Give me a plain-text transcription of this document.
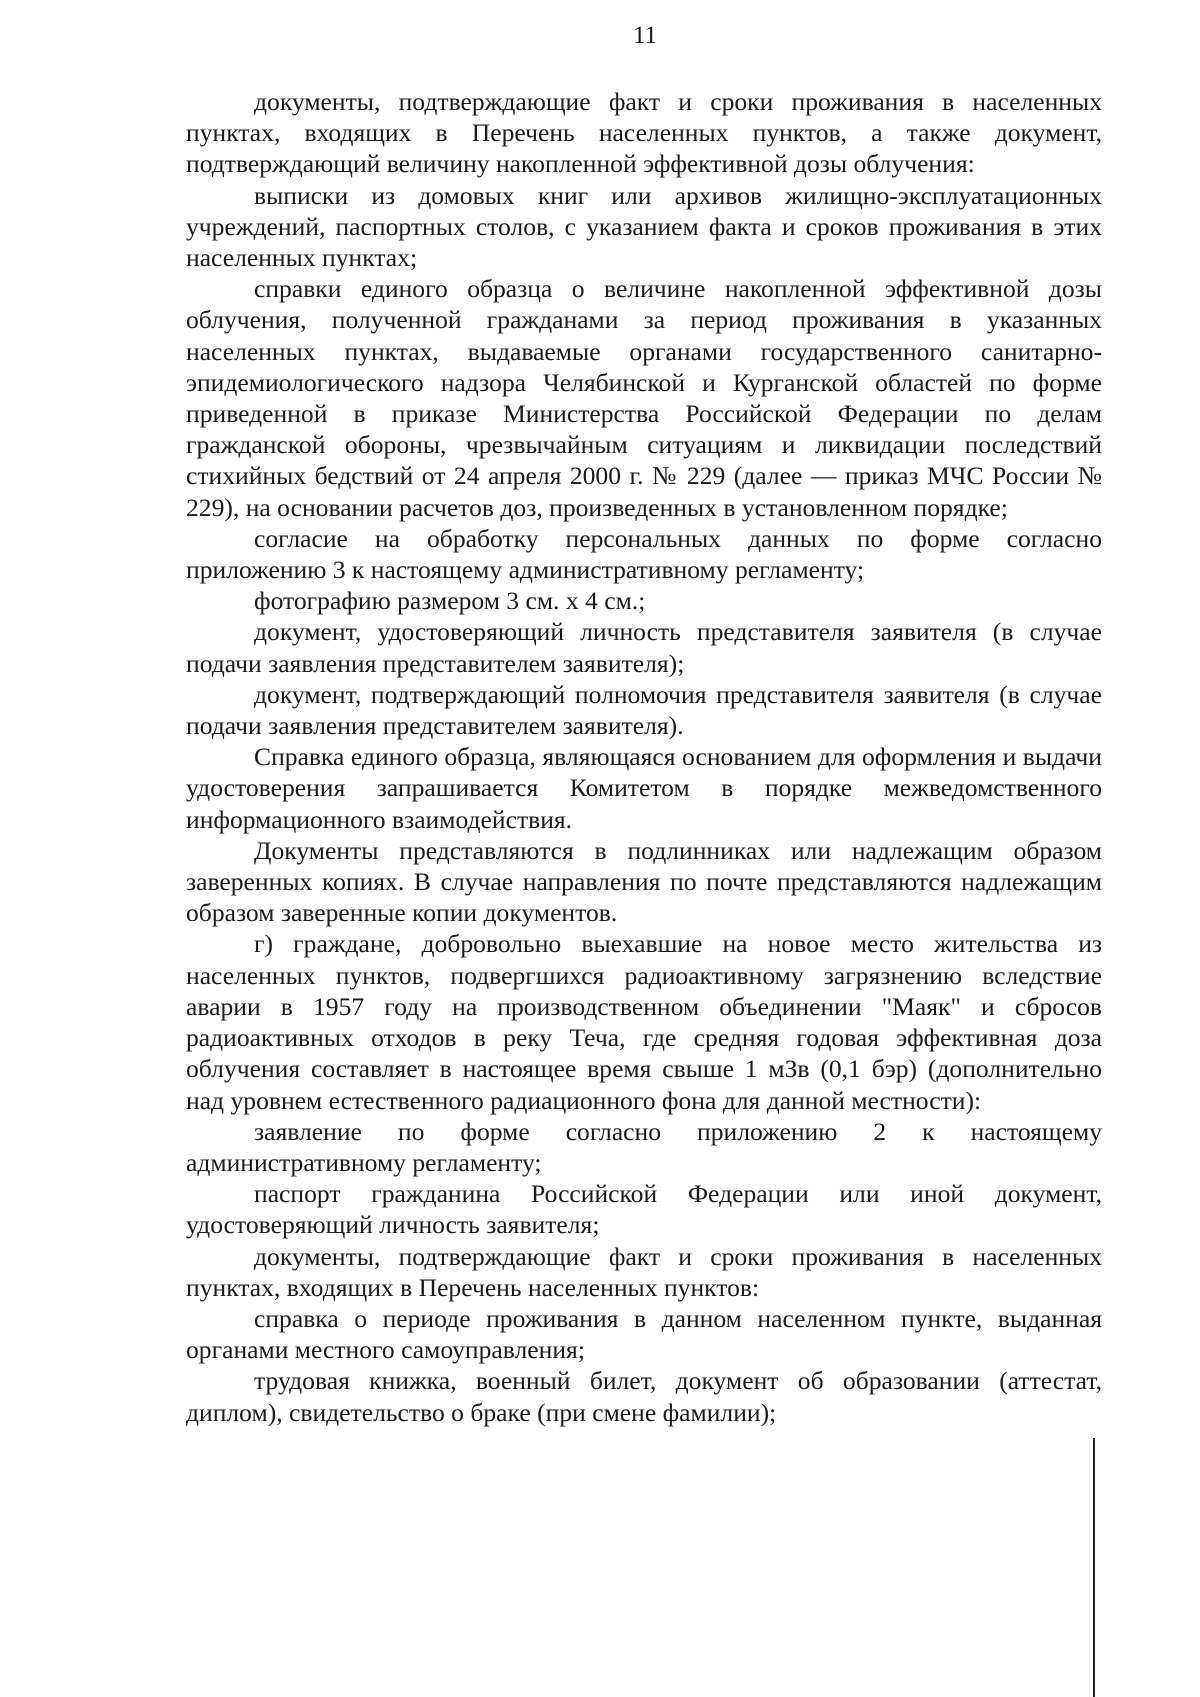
11

документы, подтверждающие факт и сроки проживания в населенных пунктах, входящих в Перечень населенных пунктов, а также документ, подтверждающий величину накопленной эффективной дозы облучения:

выписки из домовых книг или архивов жилищно-эксплуатационных учреждений, паспортных столов, с указанием факта и сроков проживания в этих населенных пунктах;

справки единого образца о величине накопленной эффективной дозы облучения, полученной гражданами за период проживания в указанных населенных пунктах, выдаваемые органами государственного санитарно-эпидемиологического надзора Челябинской и Курганской областей по форме приведенной в приказе Министерства Российской Федерации по делам гражданской обороны, чрезвычайным ситуациям и ликвидации последствий стихийных бедствий от 24 апреля 2000 г. № 229 (далее — приказ МЧС России № 229), на основании расчетов доз, произведенных в установленном порядке;

согласие на обработку персональных данных по форме согласно приложению 3 к настоящему административному регламенту;

фотографию размером 3 см. х 4 см.;

документ, удостоверяющий личность представителя заявителя (в случае подачи заявления представителем заявителя);

документ, подтверждающий полномочия представителя заявителя (в случае подачи заявления представителем заявителя).

Справка единого образца, являющаяся основанием для оформления и выдачи удостоверения запрашивается Комитетом в порядке межведомственного информационного взаимодействия.

Документы представляются в подлинниках или надлежащим образом заверенных копиях. В случае направления по почте представляются надлежащим образом заверенные копии документов.

г) граждане, добровольно выехавшие на новое место жительства из населенных пунктов, подвергшихся радиоактивному загрязнению вследствие аварии в 1957 году на производственном объединении "Маяк" и сбросов радиоактивных отходов в реку Теча, где средняя годовая эффективная доза облучения составляет в настоящее время свыше 1 мЗв (0,1 бэр) (дополнительно над уровнем естественного радиационного фона для данной местности):

заявление по форме согласно приложению 2 к настоящему административному регламенту;

паспорт гражданина Российской Федерации или иной документ, удостоверяющий личность заявителя;

документы, подтверждающие факт и сроки проживания в населенных пунктах, входящих в Перечень населенных пунктов:

справка о периоде проживания в данном населенном пункте, выданная органами местного самоуправления;

трудовая книжка, военный билет, документ об образовании (аттестат, диплом), свидетельство о браке (при смене фамилии);
